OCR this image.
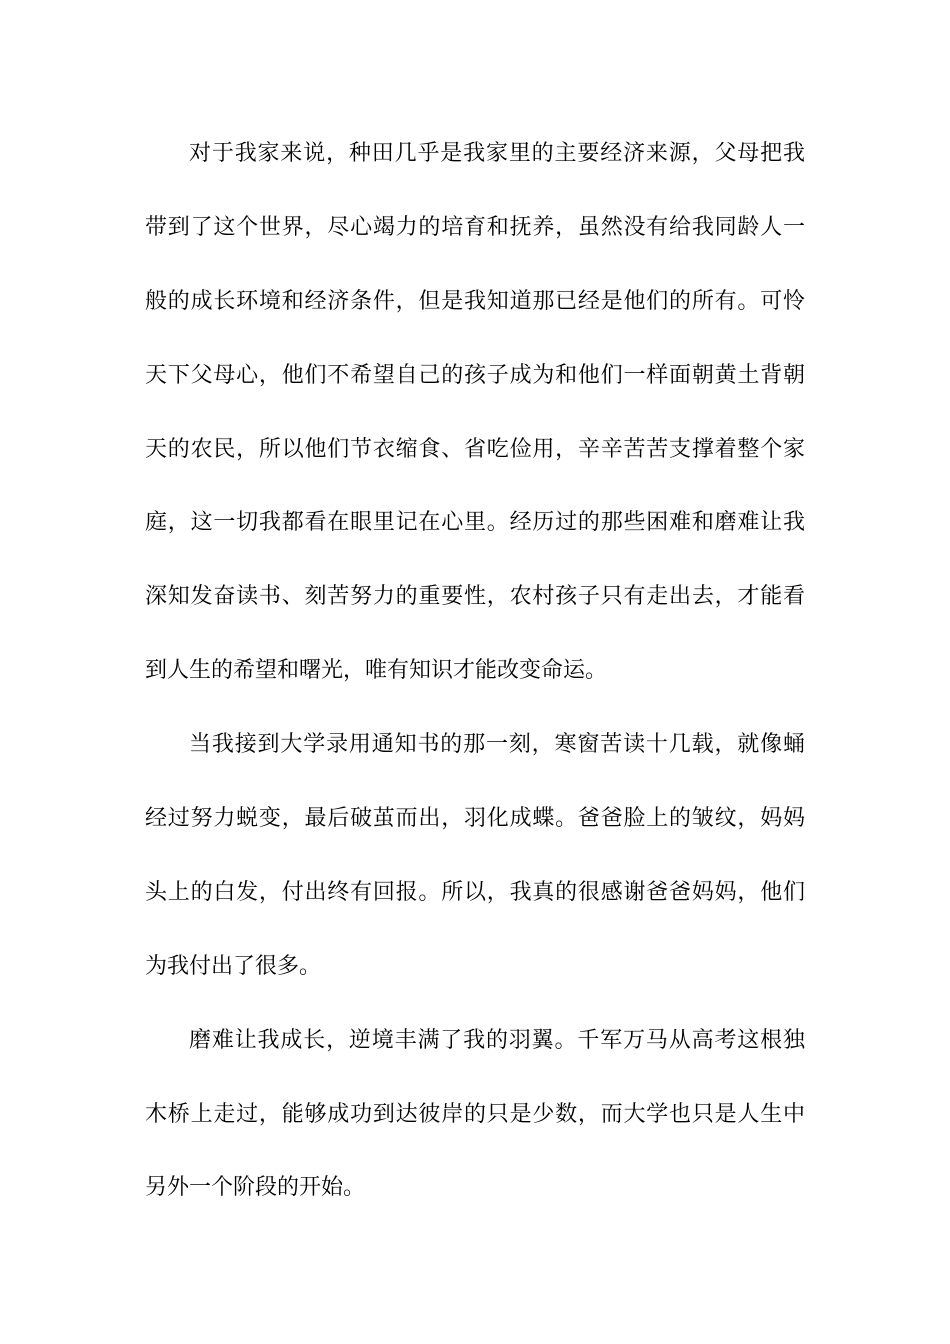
对于我家来说，种田几乎是我家里的主要经济来源，父母把我
带到了这个世界，尽心竭力的培育和抚养，虽然没有给我同龄人一
般的成长环境和经济条件，但是我知道那已经是他们的所有。可怜
天下父母心，他们不希望自己的孩子成为和他们一样面朝黄土背朝
天的农民，所以他们节衣缩食、省吃俭用，辛辛苦苦支撑着整个家
庭，这一切我都看在眼里记在心里。经历过的那些困难和磨难让我
深知发奋读书、刻苦努力的重要性，农村孩子只有走出去，才能看
到人生的希望和曙光，唯有知识才能改变命运。

当我接到大学录用通知书的那一刻，寒窗苦读十几载，就像蛹
经过努力蜕变，最后破茧而出，羽化成蝶。爸爸脸上的皱纹，妈妈
头上的白发，付出终有回报。所以，我真的很感谢爸爸妈妈，他们
为我付出了很多。

磨难让我成长，逆境丰满了我的羽翼。千军万马从高考这根独
木桥上走过，能够成功到达彼岸的只是少数，而大学也只是人生中
另外一个阶段的开始。
